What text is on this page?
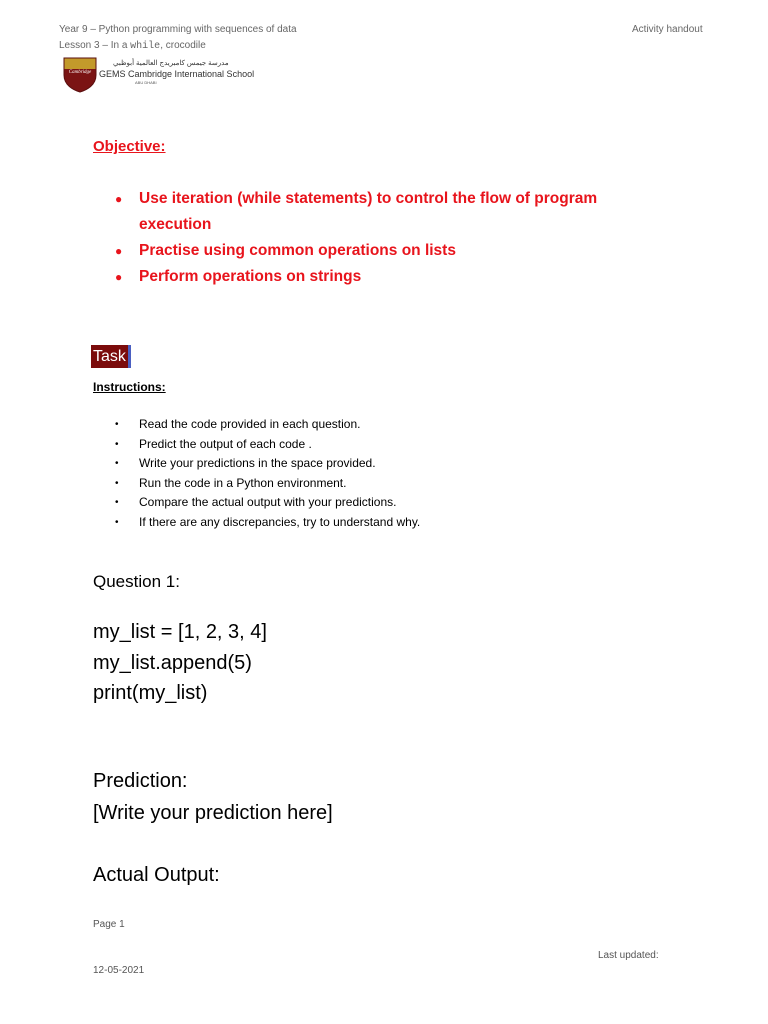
Year 9 – Python programming with sequences of data	Activity handout
Lesson 3 – In a while, crocodile
Cambridge
مدرسة جيمس كامبريدج العالمية أبوظبي
GEMS Cambridge International School
ABU DHABI
Objective:
● Use iteration (while statements) to control the flow of program
execution
● Practise using common operations on lists
● Perform operations on strings
Task
Instructions:
• Read the code provided in each question.
• Predict the output of each code .
• Write your predictions in the space provided.
• Run the code in a Python environment.
• Compare the actual output with your predictions.
• If there are any discrepancies, try to understand why.
Question 1:
my_list = [1, 2, 3, 4]
my_list.append(5)
print(my_list)
Prediction:
[Write your prediction here]
Actual Output:
Page 1
Last updated:
12-05-2021
